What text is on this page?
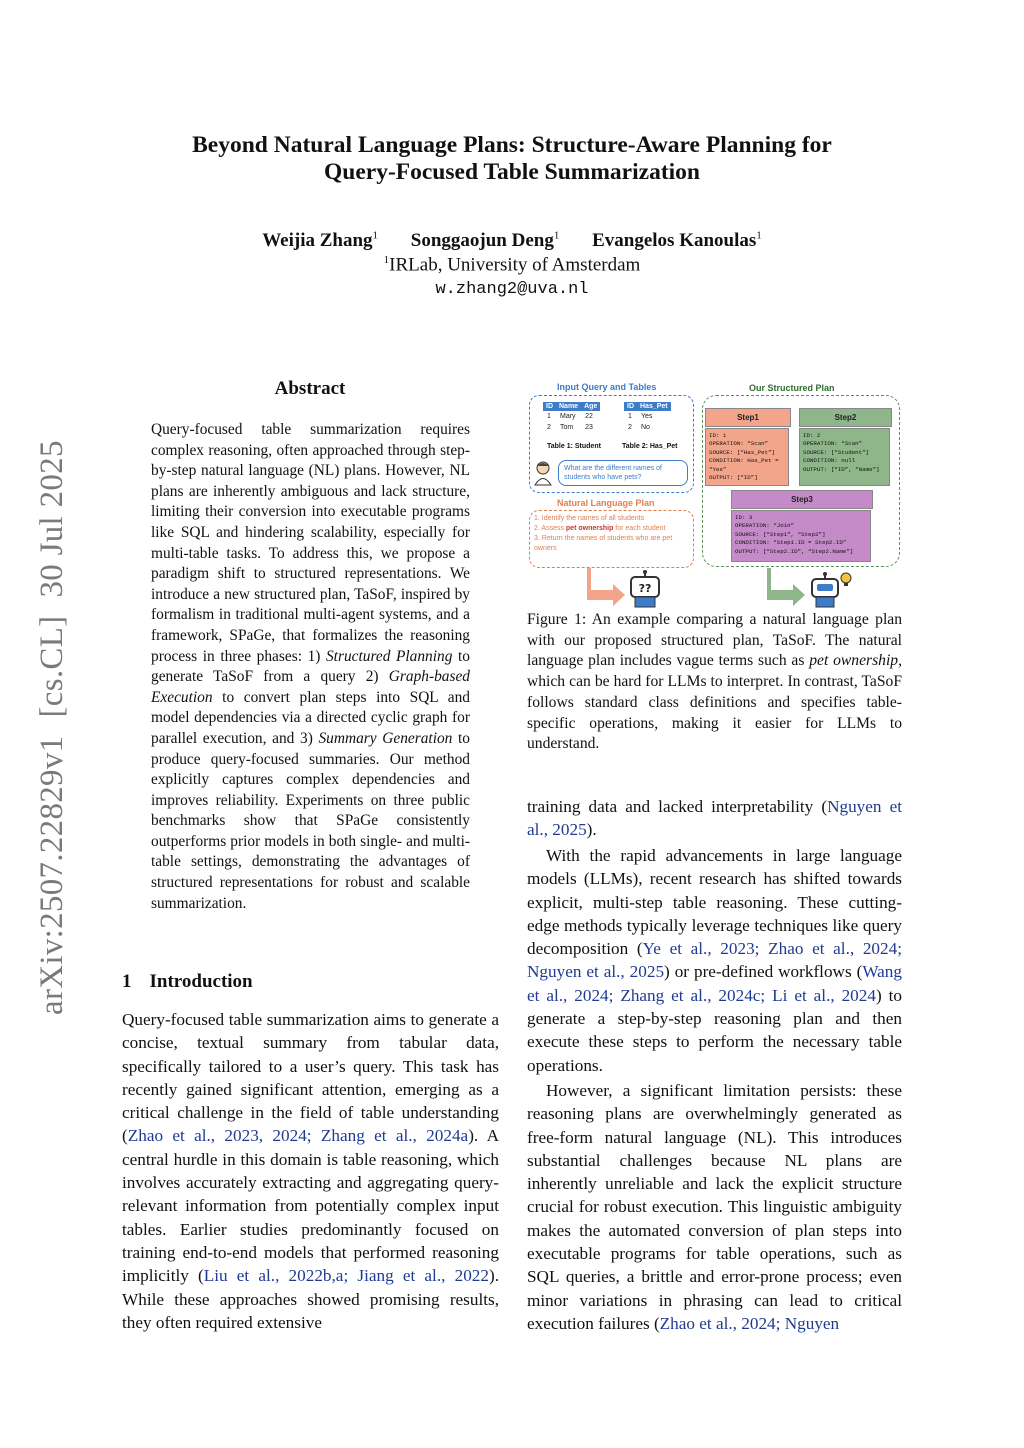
arXiv:2507.22829v1[cs.CL]30 Jul 2025
Beyond Natural Language Plans: Structure-Aware Planning for
Query-Focused Table Summarization
Weijia Zhang$^1$ Songgaojun Deng$^1$ Evangelos Kanoulas$^1$
$^1$IRLab, University of Amsterdam
w.zhang2@uva.nl
Abstract
Query-focused table summarization requires complex reasoning, often approached through step-by-step natural language (NL) plans. However, NL plans are inherently ambiguous and lack structure, limiting their conversion into executable programs like SQL and hindering scalability, especially for multi-table tasks. To address this, we propose a paradigm shift to structured representations. We introduce a new structured plan, TaSoF, inspired by formalism in traditional multi-agent systems, and a framework, SPaGe, that formalizes the reasoning process in three phases: 1) Structured Planning to generate TaSoF from a query 2) Graph-based Execution to convert plan steps into SQL and model dependencies via a directed cyclic graph for parallel execution, and 3) Summary Generation to produce query-focused summaries. Our method explicitly captures complex dependencies and improves reliability. Experiments on three public benchmarks show that SPaGe consistently outperforms prior models in both single- and multi-table settings, demonstrating the advantages of structured representations for robust and scalable summarization.
1 Introduction
Query-focused table summarization aims to generate a concise, textual summary from tabular data, specifically tailored to a user’s query. This task has recently gained significant attention, emerging as a critical challenge in the field of table understanding (Zhao et al., 2023, 2024; Zhang et al., 2024a). A central hurdle in this domain is table reasoning, which involves accurately extracting and aggregating query-relevant information from potentially complex input tables. Earlier studies predominantly focused on training end-to-end models that performed reasoning implicitly (Liu et al., 2022b,a; Jiang et al., 2022). While these approaches showed promising results, they often required extensive
Input Query and Tables	Our Structured Plan
ID	Name	Age
1	Mary	22
2	Tom	23
Table 1: Student
ID	Has_Pet
1	Yes
2	No
Table 2: Has_Pet
What are the different names of students who have pets?
Natural Language Plan
1. Identify the names of all students
2. Assess pet ownership for each student
3. Return the names of students who are pet owners
Step1
ID: 1
OPERATION: “Scan”
SOURCE: [“Has_Pet”]
CONDITION: Has_Pet =
“Yes”
OUTPUT: [“ID”]
Step2
ID: 2
OPERATION: “Scan”
SOURCE: [“Student”]
CONDITION: null
OUTPUT: [“ID”, “Name”]
Step3
ID: 3
OPERATION: “Join”
SOURCE: [“Step1”, “Step2”]
CONDITION: “Step1.ID = Step2.ID”
OUTPUT: [“Step2.ID”, “Step2.Name”]
??
Figure 1: An example comparing a natural language plan with our proposed structured plan, TaSoF. The natural language plan includes vague terms such as pet ownership, which can be hard for LLMs to interpret. In contrast, TaSoF follows standard class definitions and specifies table-specific operations, making it easier for LLMs to understand.
training data and lacked interpretability (Nguyen et al., 2025).
With the rapid advancements in large language models (LLMs), recent research has shifted towards explicit, multi-step table reasoning. These cutting-edge methods typically leverage techniques like query decomposition (Ye et al., 2023; Zhao et al., 2024; Nguyen et al., 2025) or pre-defined workflows (Wang et al., 2024; Zhang et al., 2024c; Li et al., 2024) to generate a step-by-step reasoning plan and then execute these steps to perform the necessary table operations.
However, a significant limitation persists: these reasoning plans are overwhelmingly generated as free-form natural language (NL). This introduces substantial challenges because NL plans are inherently unreliable and lack the explicit structure crucial for robust execution. This linguistic ambiguity makes the automated conversion of plan steps into executable programs for table operations, such as SQL queries, a brittle and error-prone process; even minor variations in phrasing can lead to critical execution failures (Zhao et al., 2024; Nguyen
